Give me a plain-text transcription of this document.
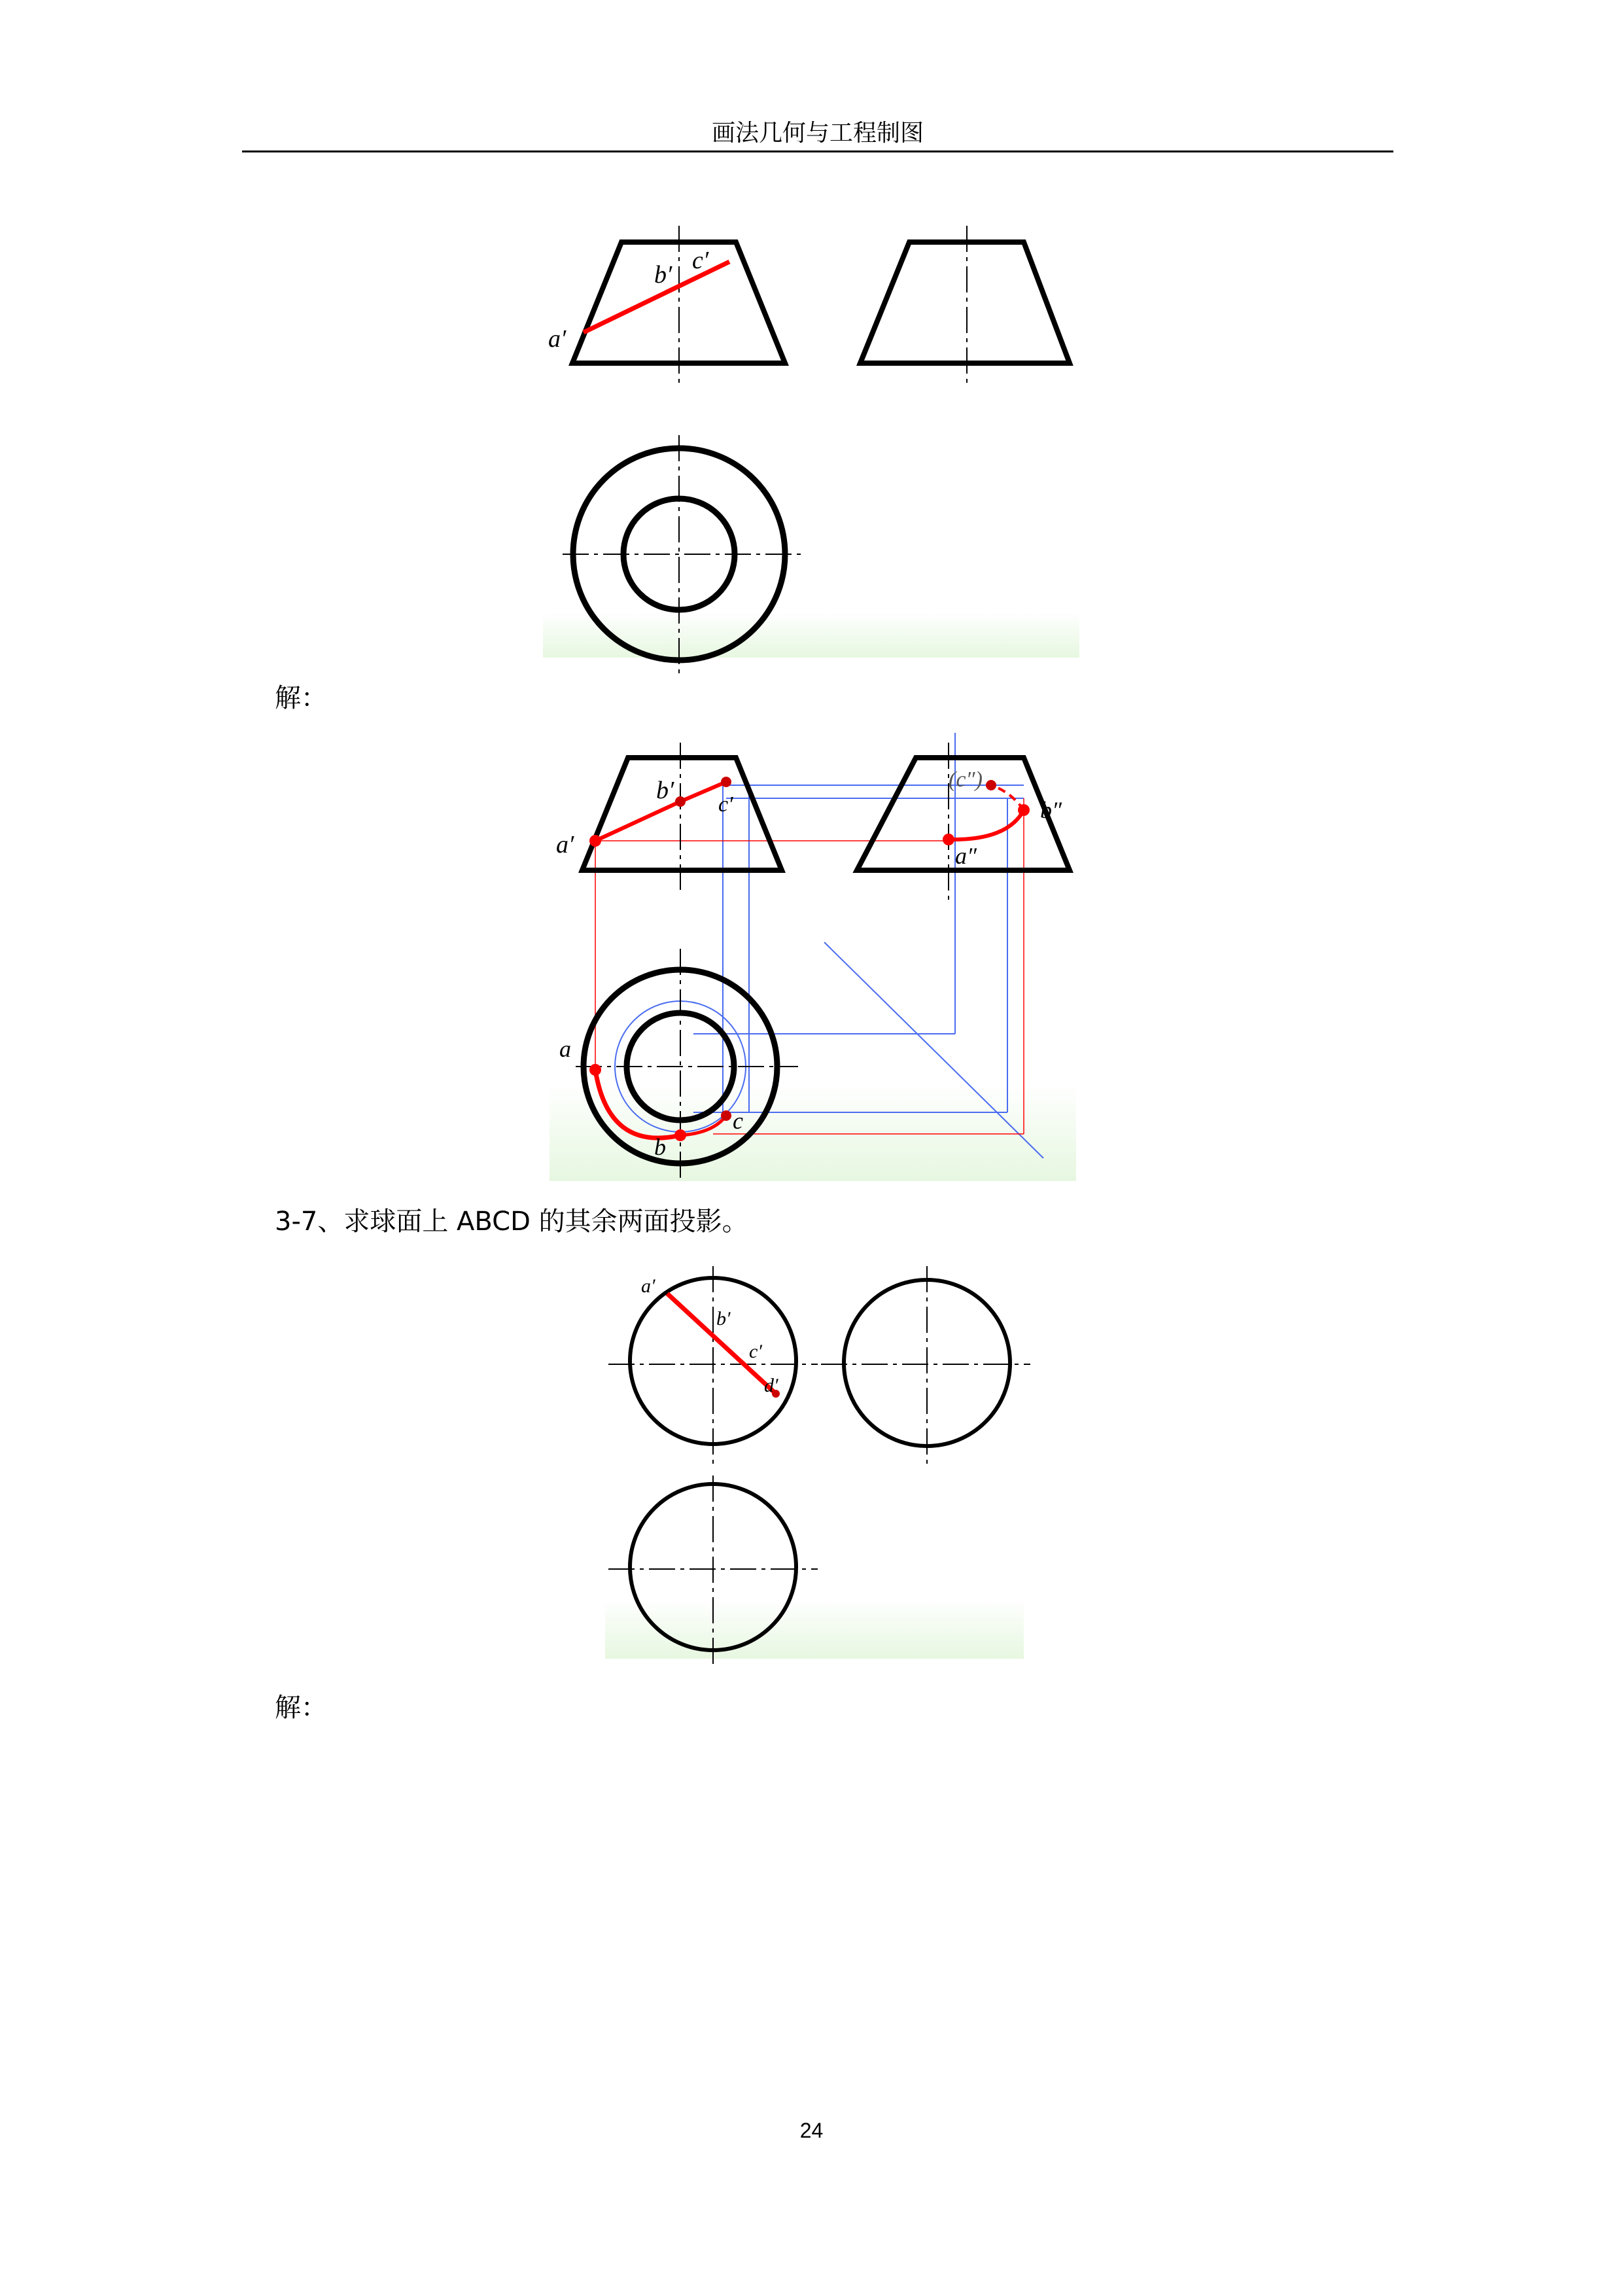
画法几何与工程制图
a′
b′
c′
解：
a′
b′
c′
(c″)
b″
a″
a
b
c
3-7、求球面上 ABCD 的其余两面投影。
a′
b′
c′
d′
解：
24
